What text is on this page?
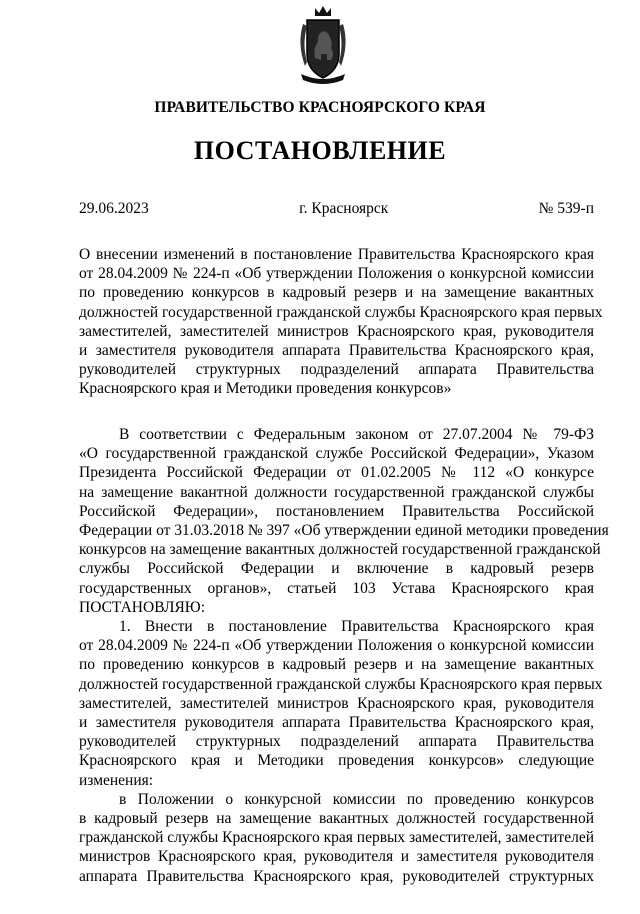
ПРАВИТЕЛЬСТВО КРАСНОЯРСКОГО КРАЯ
ПОСТАНОВЛЕНИЕ
29.06.2023	г. Красноярск	№ 539-п
О внесении изменений в постановление Правительства Красноярского края
от 28.04.2009 № 224-п «Об утверждении Положения о конкурсной комиссии
по проведению конкурсов в кадровый резерв и на замещение вакантных
должностей государственной гражданской службы Красноярского края первых
заместителей, заместителей министров Красноярского края, руководителя
и заместителя руководителя аппарата Правительства Красноярского края,
руководителей структурных подразделений аппарата Правительства
Красноярского края и Методики проведения конкурсов»
В соответствии с Федеральным законом от 27.07.2004 № 79-ФЗ
«О государственной гражданской службе Российской Федерации», Указом
Президента Российской Федерации от 01.02.2005 № 112 «О конкурсе
на замещение вакантной должности государственной гражданской службы
Российской Федерации», постановлением Правительства Российской
Федерации от 31.03.2018 № 397 «Об утверждении единой методики проведения
конкурсов на замещение вакантных должностей государственной гражданской
службы Российской Федерации и включение в кадровый резерв
государственных органов», статьей 103 Устава Красноярского края
ПОСТАНОВЛЯЮ:
1. Внести в постановление Правительства Красноярского края
от 28.04.2009 № 224-п «Об утверждении Положения о конкурсной комиссии
по проведению конкурсов в кадровый резерв и на замещение вакантных
должностей государственной гражданской службы Красноярского края первых
заместителей, заместителей министров Красноярского края, руководителя
и заместителя руководителя аппарата Правительства Красноярского края,
руководителей структурных подразделений аппарата Правительства
Красноярского края и Методики проведения конкурсов» следующие
изменения:
в Положении о конкурсной комиссии по проведению конкурсов
в кадровый резерв на замещение вакантных должностей государственной
гражданской службы Красноярского края первых заместителей, заместителей
министров Красноярского края, руководителя и заместителя руководителя
аппарата Правительства Красноярского края, руководителей структурных
